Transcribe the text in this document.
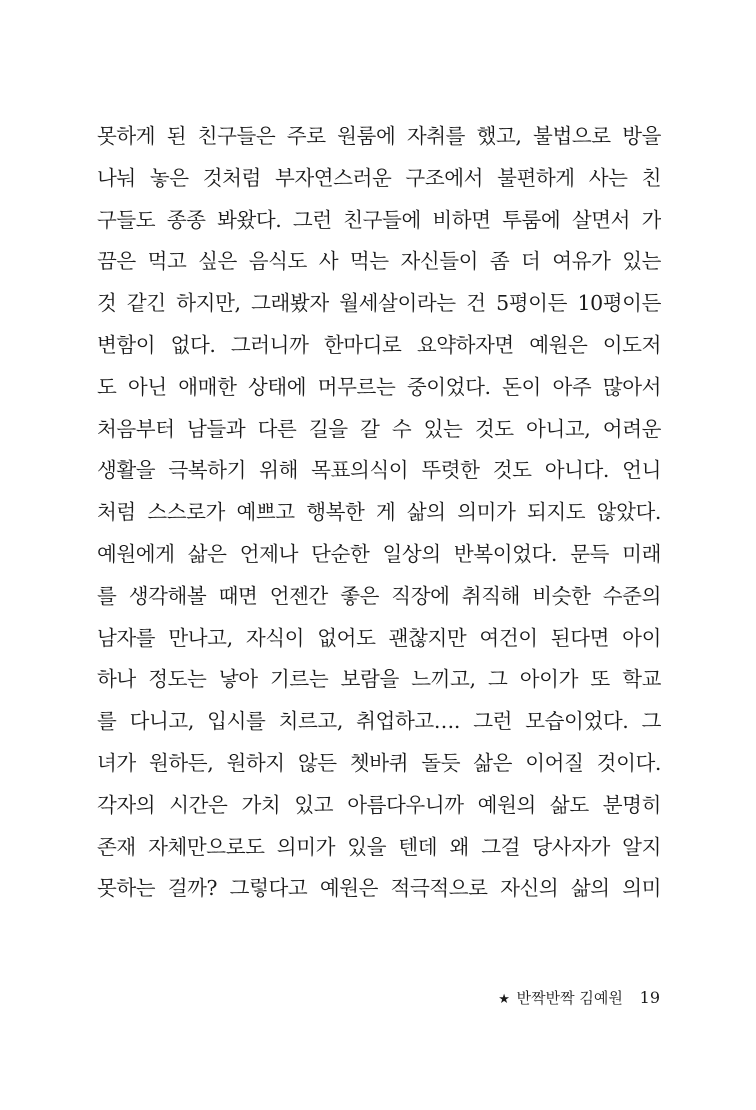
못하게 된 친구들은 주로 원룸에 자취를 했고, 불법으로 방을
나눠 놓은 것처럼 부자연스러운 구조에서 불편하게 사는 친
구들도 종종 봐왔다. 그런 친구들에 비하면 투룸에 살면서 가
끔은 먹고 싶은 음식도 사 먹는 자신들이 좀 더 여유가 있는
것 같긴 하지만, 그래봤자 월세살이라는 건 5평이든 10평이든
변함이 없다. 그러니까 한마디로 요약하자면 예원은 이도저
도 아닌 애매한 상태에 머무르는 중이었다. 돈이 아주 많아서
처음부터 남들과 다른 길을 갈 수 있는 것도 아니고, 어려운
생활을 극복하기 위해 목표의식이 뚜렷한 것도 아니다. 언니
처럼 스스로가 예쁘고 행복한 게 삶의 의미가 되지도 않았다.
예원에게 삶은 언제나 단순한 일상의 반복이었다. 문득 미래
를 생각해볼 때면 언젠간 좋은 직장에 취직해 비슷한 수준의
남자를 만나고, 자식이 없어도 괜찮지만 여건이 된다면 아이
하나 정도는 낳아 기르는 보람을 느끼고, 그 아이가 또 학교
를 다니고, 입시를 치르고, 취업하고…. 그런 모습이었다. 그
녀가 원하든, 원하지 않든 쳇바퀴 돌듯 삶은 이어질 것이다.
각자의 시간은 가치 있고 아름다우니까 예원의 삶도 분명히
존재 자체만으로도 의미가 있을 텐데 왜 그걸 당사자가 알지
못하는 걸까? 그렇다고 예원은 적극적으로 자신의 삶의 의미
★ 반짝반짝 김예원 19
